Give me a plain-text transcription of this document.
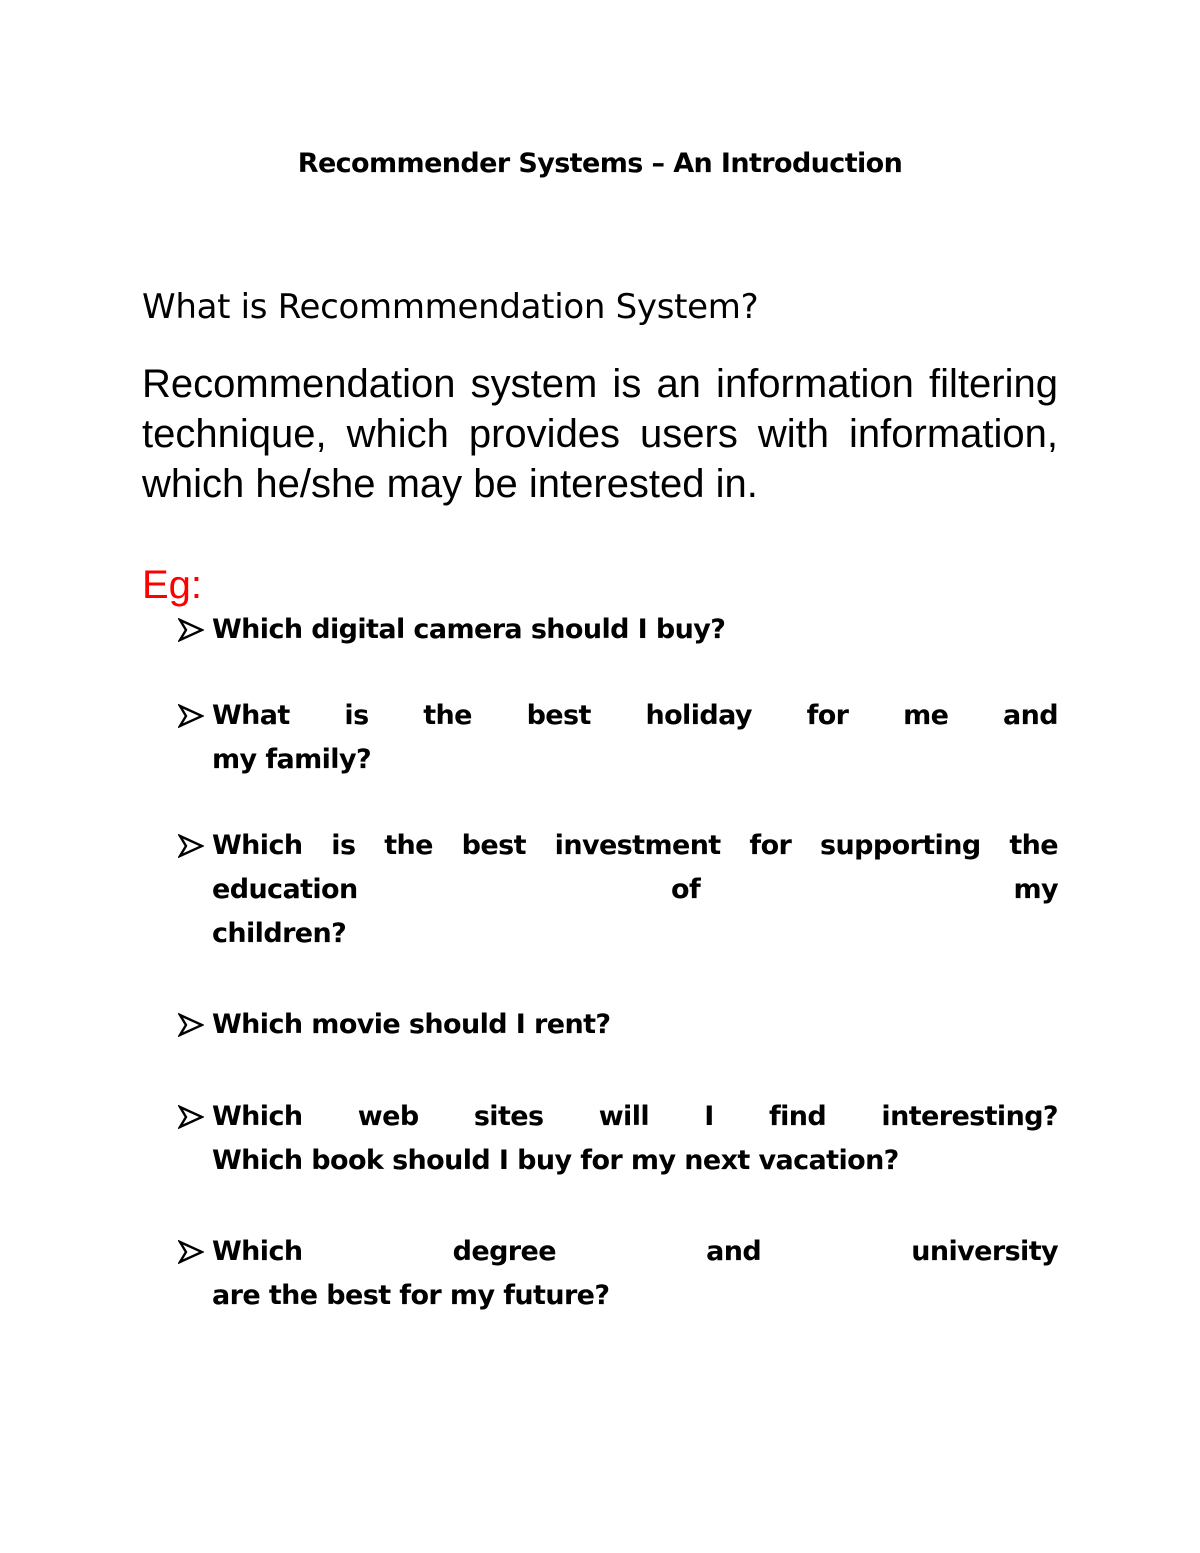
Recommender Systems – An Introduction
What is Recommmendation System?
Recommendation system is an information filtering technique, which provides users with information, which he/she may be interested in.
Eg:
Which digital camera should I buy?
What is the best holiday for me and
my family?
Which is the best investment for supporting the
education of my
children?
Which movie should I rent?
Which web sites will I find interesting?
Which book should I buy for my next vacation?
Which degree and university
are the best for my future?
